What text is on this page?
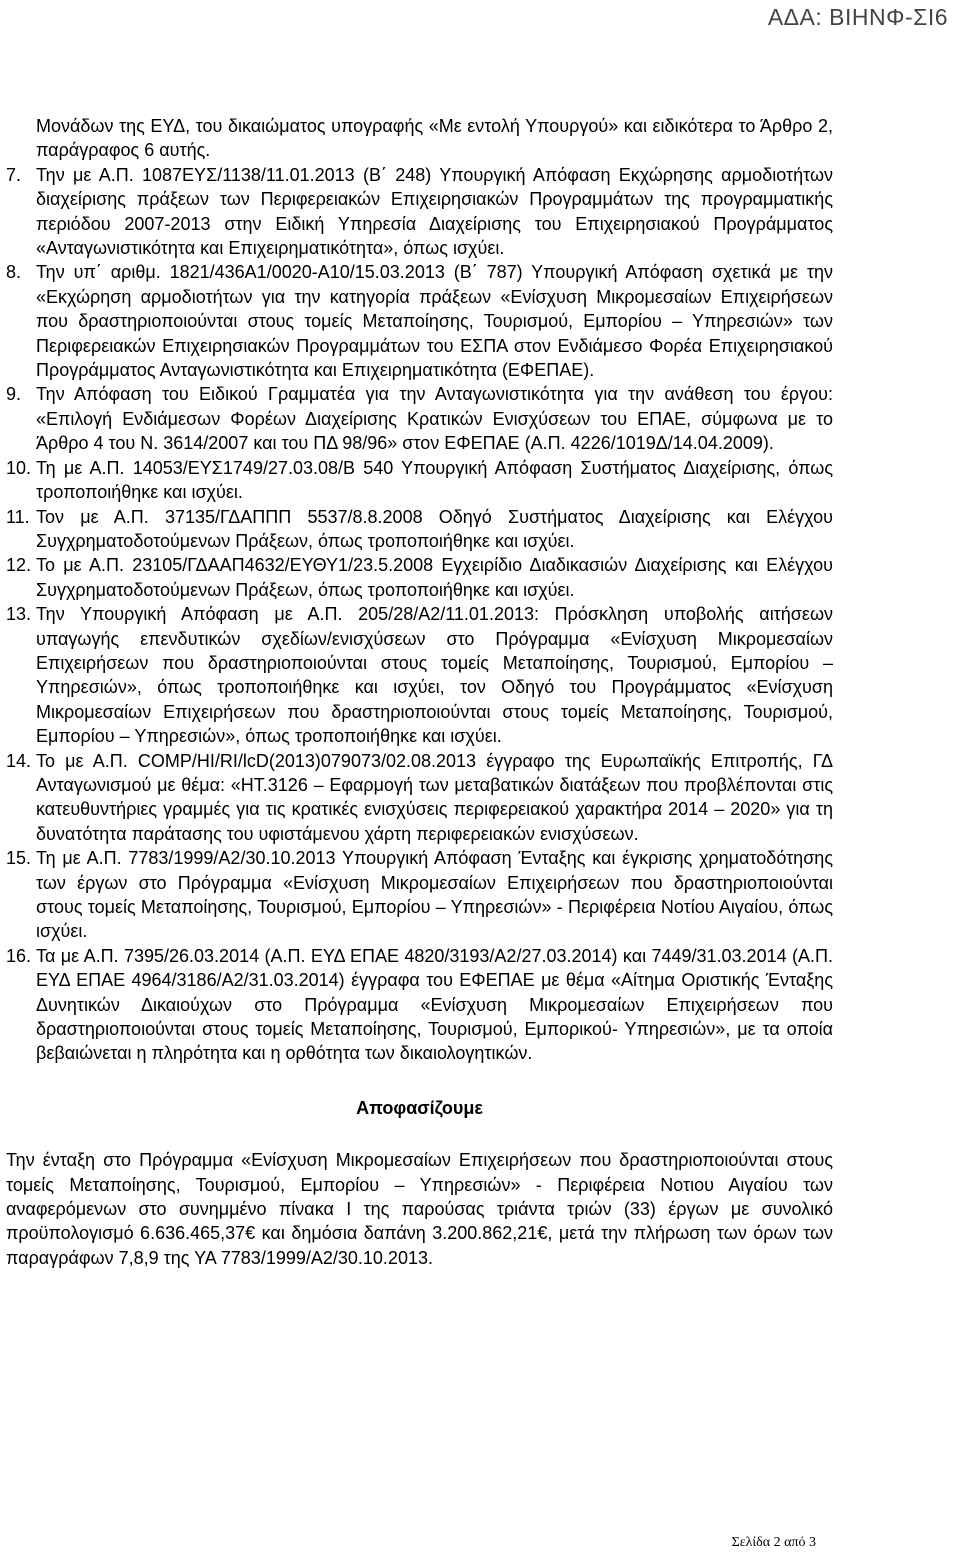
ΑΔΑ: ΒΙΗΝΦ-ΣΙ6

Μονάδων της ΕΥΔ, του δικαιώματος υπογραφής «Με εντολή Υπουργού» και ειδικότερα το Άρθρο 2, παράγραφος 6 αυτής.

7. Την με Α.Π. 1087ΕΥΣ/1138/11.01.2013 (Β΄ 248) Υπουργική Απόφαση Εκχώρησης αρμοδιοτήτων διαχείρισης πράξεων των Περιφερειακών Επιχειρησιακών Προγραμμάτων της προγραμματικής περιόδου 2007-2013 στην Ειδική Υπηρεσία Διαχείρισης του Επιχειρησιακού Προγράμματος «Ανταγωνιστικότητα και Επιχειρηματικότητα», όπως ισχύει.

8. Την υπ΄ αριθμ. 1821/436Α1/0020-Α10/15.03.2013 (Β΄ 787) Υπουργική Απόφαση σχετικά με την «Εκχώρηση αρμοδιοτήτων για την κατηγορία πράξεων «Ενίσχυση Μικρομεσαίων Επιχειρήσεων που δραστηριοποιούνται στους τομείς Μεταποίησης, Τουρισμού, Εμπορίου – Υπηρεσιών» των Περιφερειακών Επιχειρησιακών Προγραμμάτων του ΕΣΠΑ στον Ενδιάμεσο Φορέα Επιχειρησιακού Προγράμματος Ανταγωνιστικότητα και Επιχειρηματικότητα (ΕΦΕΠΑΕ).

9. Την Απόφαση του Ειδικού Γραμματέα για την Ανταγωνιστικότητα για την ανάθεση του έργου: «Επιλογή Ενδιάμεσων Φορέων Διαχείρισης Κρατικών Ενισχύσεων του ΕΠΑΕ, σύμφωνα με το Άρθρο 4 του Ν. 3614/2007 και του ΠΔ 98/96» στον ΕΦΕΠΑΕ (Α.Π. 4226/1019Δ/14.04.2009).

10. Τη με Α.Π. 14053/ΕΥΣ1749/27.03.08/Β 540 Υπουργική Απόφαση Συστήματος Διαχείρισης, όπως τροποποιήθηκε και ισχύει.

11. Τον με Α.Π. 37135/ΓΔΑΠΠΠ 5537/8.8.2008 Οδηγό Συστήματος Διαχείρισης και Ελέγχου Συγχρηματοδοτούμενων Πράξεων, όπως τροποποιήθηκε και ισχύει.

12. Το με Α.Π. 23105/ΓΔΑΑΠ4632/ΕΥΘΥ1/23.5.2008 Εγχειρίδιο Διαδικασιών Διαχείρισης και Ελέγχου Συγχρηματοδοτούμενων Πράξεων, όπως τροποποιήθηκε και ισχύει.

13. Την Υπουργική Απόφαση με Α.Π. 205/28/Α2/11.01.2013: Πρόσκληση υποβολής αιτήσεων υπαγωγής επενδυτικών σχεδίων/ενισχύσεων στο Πρόγραμμα «Ενίσχυση Μικρομεσαίων Επιχειρήσεων που δραστηριοποιούνται στους τομείς Μεταποίησης, Τουρισμού, Εμπορίου – Υπηρεσιών», όπως τροποποιήθηκε και ισχύει, τον Οδηγό του Προγράμματος «Ενίσχυση Μικρομεσαίων Επιχειρήσεων που δραστηριοποιούνται στους τομείς Μεταποίησης, Τουρισμού, Εμπορίου – Υπηρεσιών», όπως τροποποιήθηκε και ισχύει.

14. Το με Α.Π. COMP/HI/RI/lcD(2013)079073/02.08.2013 έγγραφο της Ευρωπαϊκής Επιτροπής, ΓΔ Ανταγωνισμού με θέμα: «HT.3126 – Εφαρμογή των μεταβατικών διατάξεων που προβλέπονται στις κατευθυντήριες γραμμές για τις κρατικές ενισχύσεις περιφερειακού χαρακτήρα 2014 – 2020» για τη δυνατότητα παράτασης του υφιστάμενου χάρτη περιφερειακών ενισχύσεων.

15. Τη με Α.Π. 7783/1999/Α2/30.10.2013 Υπουργική Απόφαση Ένταξης και έγκρισης χρηματοδότησης των έργων στο Πρόγραμμα «Ενίσχυση Μικρομεσαίων Επιχειρήσεων που δραστηριοποιούνται στους τομείς Μεταποίησης, Τουρισμού, Εμπορίου – Υπηρεσιών» - Περιφέρεια Νοτίου Αιγαίου, όπως ισχύει.

16. Τα με Α.Π. 7395/26.03.2014 (Α.Π. ΕΥΔ ΕΠΑΕ 4820/3193/Α2/27.03.2014) και 7449/31.03.2014 (Α.Π. ΕΥΔ ΕΠΑΕ 4964/3186/Α2/31.03.2014) έγγραφα του ΕΦΕΠΑΕ με θέμα «Αίτημα Οριστικής Ένταξης Δυνητικών Δικαιούχων στο Πρόγραμμα «Ενίσχυση Μικρομεσαίων Επιχειρήσεων που δραστηριοποιούνται στους τομείς Μεταποίησης, Τουρισμού, Εμπορικού- Υπηρεσιών», με τα οποία βεβαιώνεται η πληρότητα και η ορθότητα των δικαιολογητικών.

Αποφασίζουμε

Την ένταξη στο Πρόγραμμα «Ενίσχυση Μικρομεσαίων Επιχειρήσεων που δραστηριοποιούνται στους τομείς Μεταποίησης, Τουρισμού, Εμπορίου – Υπηρεσιών» - Περιφέρεια Νοτιου Αιγαίου των αναφερόμενων στο συνημμένο πίνακα Ι της παρούσας τριάντα τριών (33) έργων με συνολικό προϋπολογισμό 6.636.465,37€ και δημόσια δαπάνη 3.200.862,21€, μετά την πλήρωση των όρων των παραγράφων 7,8,9 της ΥΑ 7783/1999/Α2/30.10.2013.

Σελίδα 2 από 3
